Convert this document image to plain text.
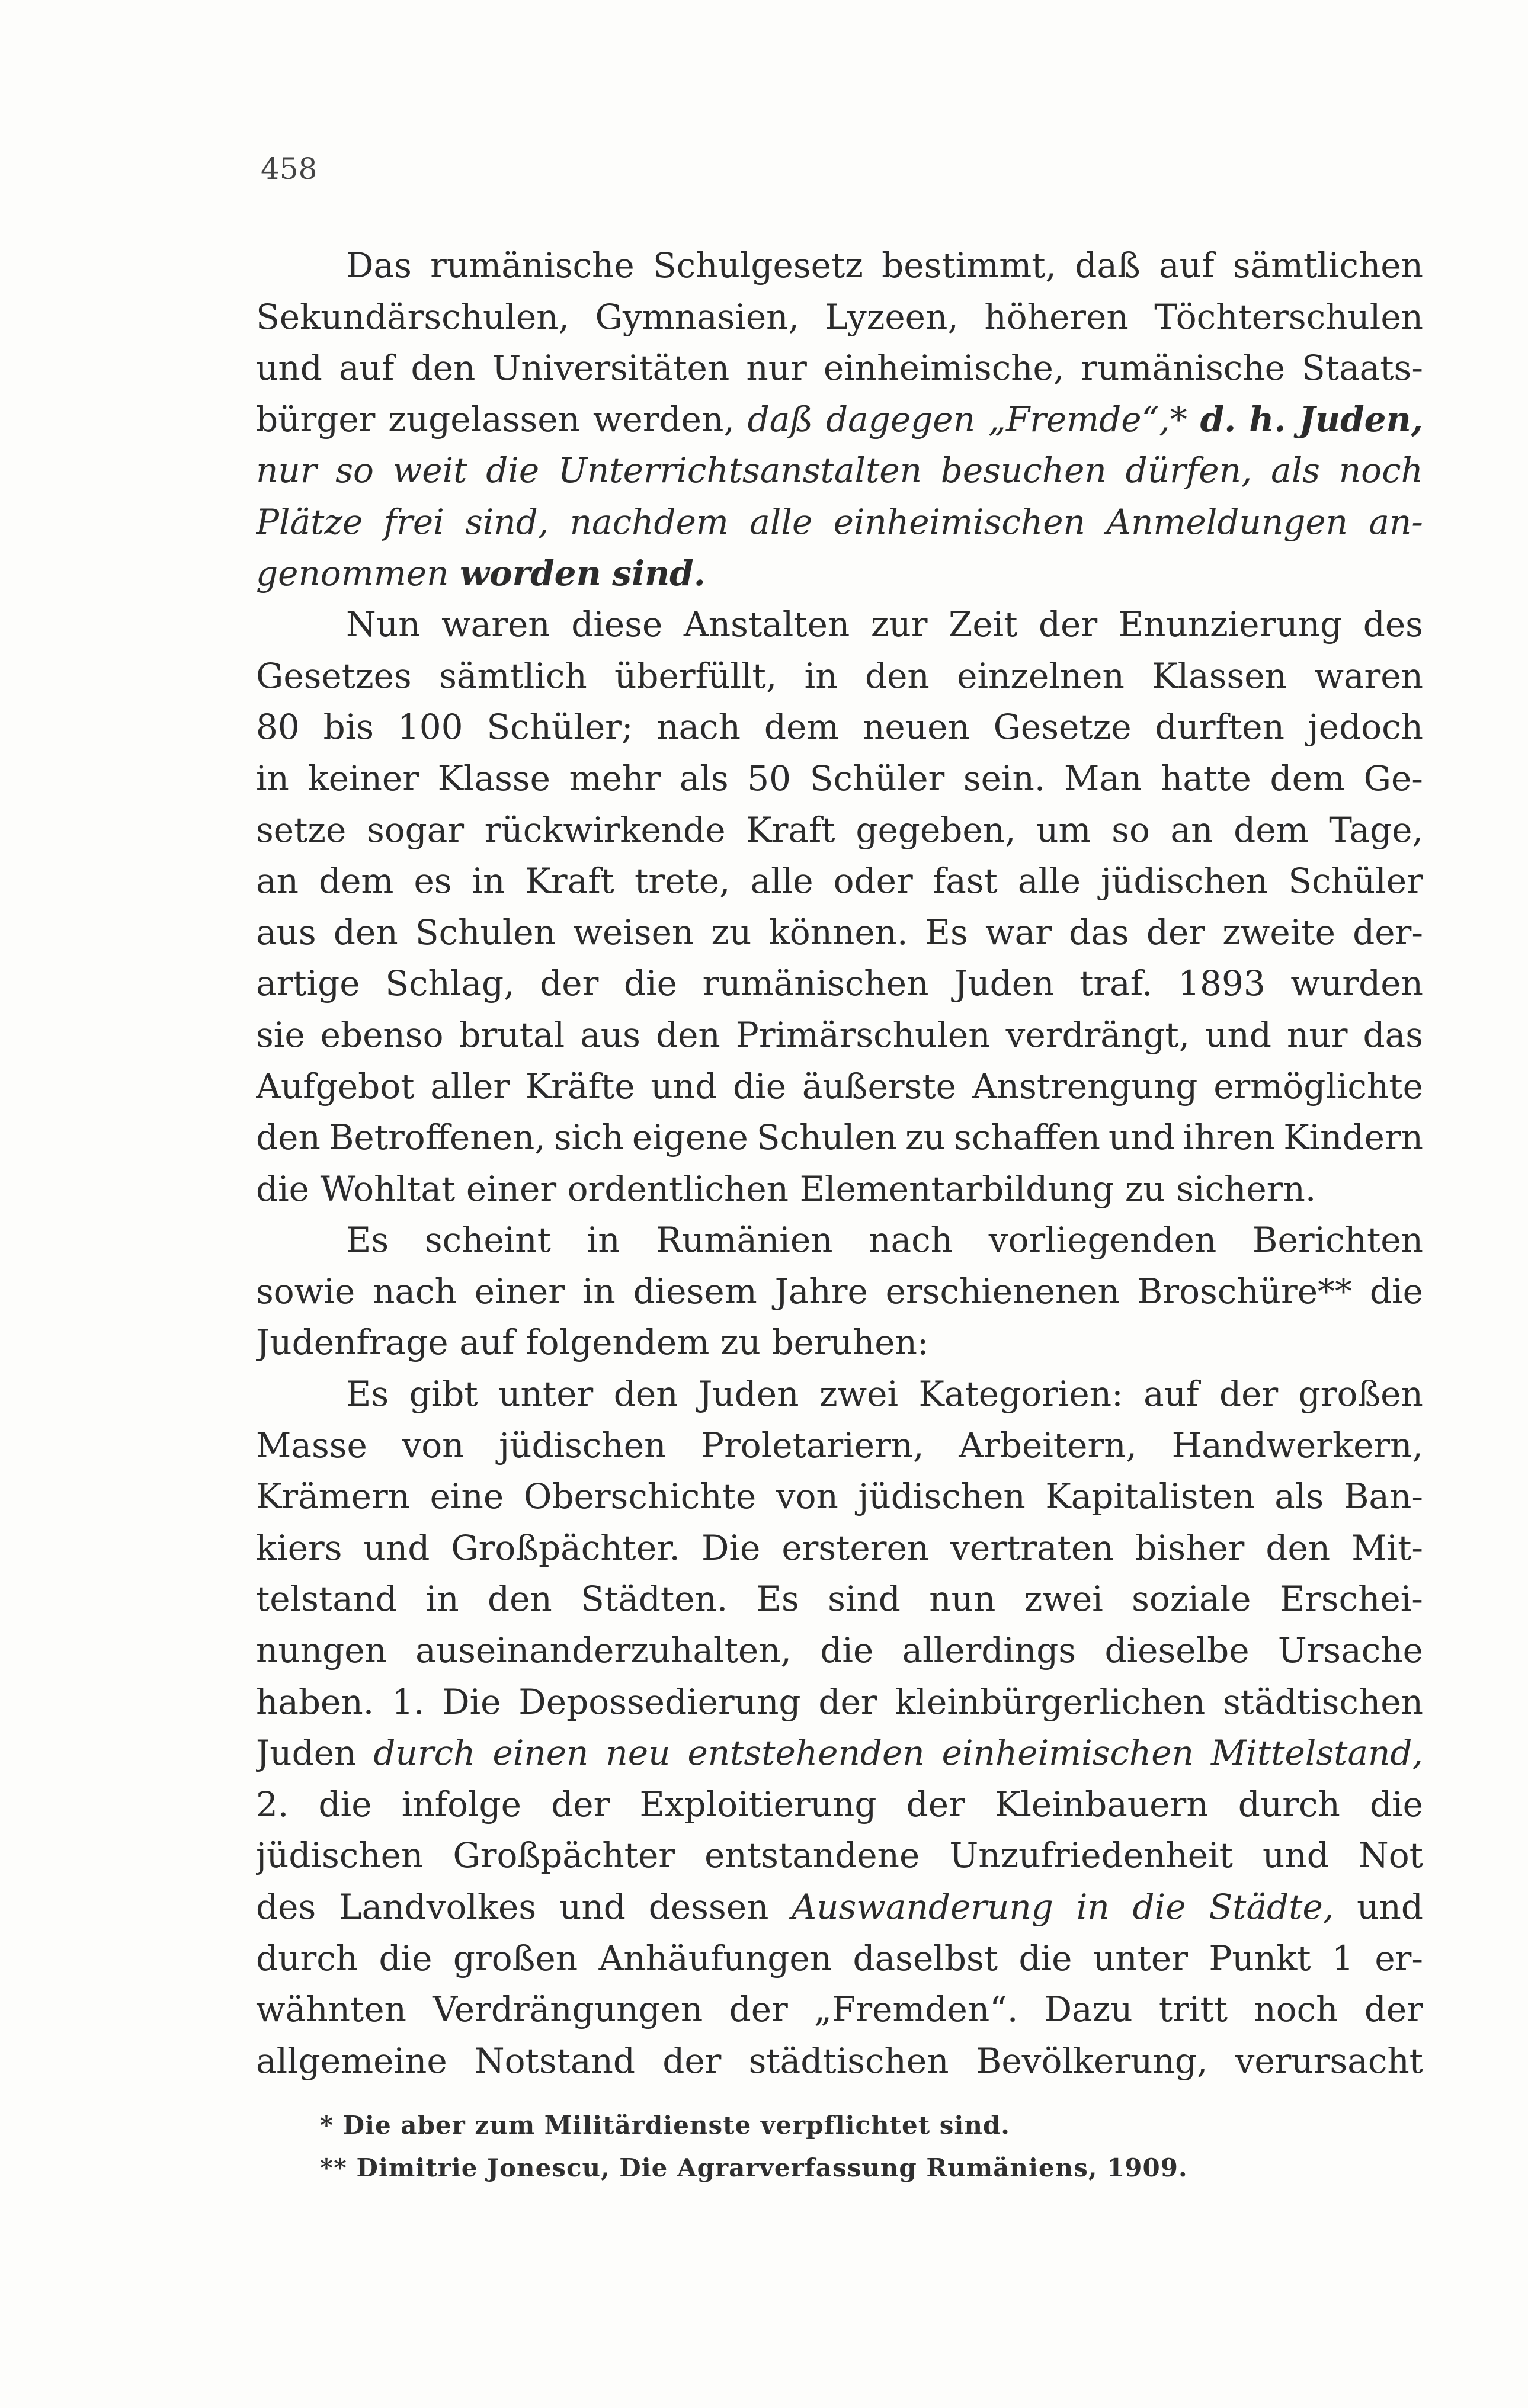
458
Das rumänische Schulgesetz bestimmt, daß auf sämtlichen
Sekundärschulen, Gymnasien, Lyzeen, höheren Töchterschulen
und auf den Universitäten nur einheimische, rumänische Staats-
bürger zugelassen werden, daß dagegen „Fremde“,* d. h. Juden,
nur so weit die Unterrichtsanstalten besuchen dürfen, als noch
Plätze frei sind, nachdem alle einheimischen Anmeldungen an-
genommen worden sind.
Nun waren diese Anstalten zur Zeit der Enunzierung des
Gesetzes sämtlich überfüllt, in den einzelnen Klassen waren
80 bis 100 Schüler; nach dem neuen Gesetze durften jedoch
in keiner Klasse mehr als 50 Schüler sein. Man hatte dem Ge-
setze sogar rückwirkende Kraft gegeben, um so an dem Tage,
an dem es in Kraft trete, alle oder fast alle jüdischen Schüler
aus den Schulen weisen zu können. Es war das der zweite der-
artige Schlag, der die rumänischen Juden traf. 1893 wurden
sie ebenso brutal aus den Primärschulen verdrängt, und nur das
Aufgebot aller Kräfte und die äußerste Anstrengung ermöglichte
den Betroffenen, sich eigene Schulen zu schaffen und ihren Kindern
die Wohltat einer ordentlichen Elementarbildung zu sichern.
Es scheint in Rumänien nach vorliegenden Berichten
sowie nach einer in diesem Jahre erschienenen Broschüre** die
Judenfrage auf folgendem zu beruhen:
Es gibt unter den Juden zwei Kategorien: auf der großen
Masse von jüdischen Proletariern, Arbeitern, Handwerkern,
Krämern eine Oberschichte von jüdischen Kapitalisten als Ban-
kiers und Großpächter. Die ersteren vertraten bisher den Mit-
telstand in den Städten. Es sind nun zwei soziale Erschei-
nungen auseinanderzuhalten, die allerdings dieselbe Ursache
haben. 1. Die Depossedierung der kleinbürgerlichen städtischen
Juden durch einen neu entstehenden einheimischen Mittelstand,
2. die infolge der Exploitierung der Kleinbauern durch die
jüdischen Großpächter entstandene Unzufriedenheit und Not
des Landvolkes und dessen Auswanderung in die Städte, und
durch die großen Anhäufungen daselbst die unter Punkt 1 er-
wähnten Verdrängungen der „Fremden“. Dazu tritt noch der
allgemeine Notstand der städtischen Bevölkerung, verursacht
* Die aber zum Militärdienste verpflichtet sind.
** Dimitrie Jonescu, Die Agrarverfassung Rumäniens, 1909.
